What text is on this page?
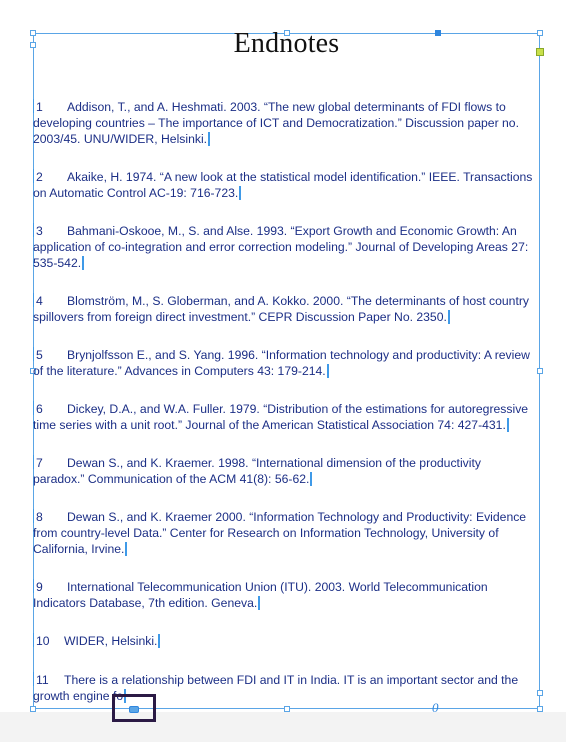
Endnotes
1 Addison, T., and A. Heshmati. 2003. “The new global determinants of FDI flows to developing countries – The importance of ICT and Democratization.” Discussion paper no. 2003/45. UNU/WIDER, Helsinki.
2 Akaike, H. 1974. “A new look at the statistical model identification.” IEEE. Transactions on Automatic Control AC-19: 716-723.
3 Bahmani-Oskooe, M., S. and Alse. 1993. “Export Growth and Economic Growth: An application of co-integration and error correction modeling.” Journal of Developing Areas 27: 535-542.
4 Blomström, M., S. Globerman, and A. Kokko. 2000. “The determinants of host country spillovers from foreign direct investment.” CEPR Discussion Paper No. 2350.
5 Brynjolfsson E., and S. Yang. 1996. “Information technology and productivity: A review of the literature.” Advances in Computers 43: 179-214.
6 Dickey, D.A., and W.A. Fuller. 1979. “Distribution of the estimations for autoregressive time series with a unit root.” Journal of the American Statistical Association 74: 427-431.
7 Dewan S., and K. Kraemer. 1998. “International dimension of the productivity paradox.” Communication of the ACM 41(8): 56-62.
8 Dewan S., and K. Kraemer 2000. “Information Technology and Productivity: Evidence from country-level Data.” Center for Research on Information Technology, University of California, Irvine.
9 International Telecommunication Union (ITU). 2003. World Telecommunication Indicators Database, 7th edition. Geneva.
10 WIDER, Helsinki.
11 There is a relationship between FDI and IT in India. IT is an important sector and the growth engine fo
0
